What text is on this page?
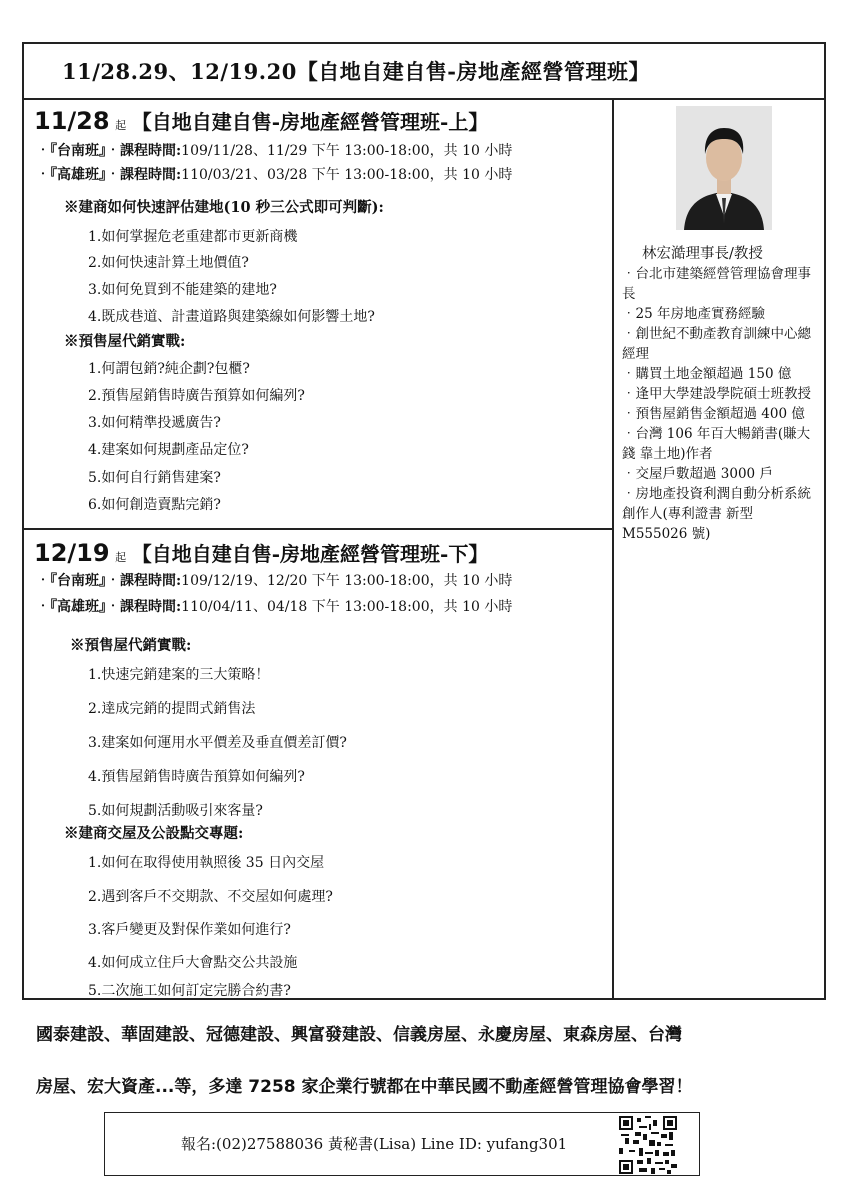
11/28.29、12/19.20【自地自建自售-房地產經營管理班】
11/28 起 【自地自建自售-房地產經營管理班-上】
‧『台南班』‧課程時間:109/11/28、11/29 下午 13:00-18:00，共 10 小時
‧『高雄班』‧課程時間:110/03/21、03/28 下午 13:00-18:00，共 10 小時
※建商如何快速評估建地(10 秒三公式即可判斷):
1.如何掌握危老重建都市更新商機
2.如何快速計算土地價值?
3.如何免買到不能建築的建地?
4.既成巷道、計畫道路與建築線如何影響土地?
※預售屋代銷實戰:
1.何謂包銷?純企劃?包櫃?
2.預售屋銷售時廣告預算如何編列?
3.如何精準投遞廣告?
4.建案如何規劃產品定位?
5.如何自行銷售建案?
6.如何創造賣點完銷?
12/19 起 【自地自建自售-房地產經營管理班-下】
‧『台南班』‧課程時間:109/12/19、12/20 下午 13:00-18:00，共 10 小時
‧『高雄班』‧課程時間:110/04/11、04/18 下午 13:00-18:00，共 10 小時
※預售屋代銷實戰:
1.快速完銷建案的三大策略！
2.達成完銷的提問式銷售法
3.建案如何運用水平價差及垂直價差訂價?
4.預售屋銷售時廣告預算如何編列?
5.如何規劃活動吸引來客量?
※建商交屋及公設點交專題:
1.如何在取得使用執照後 35 日內交屋
2.遇到客戶不交期款、不交屋如何處理?
3.客戶變更及對保作業如何進行?
4.如何成立住戶大會點交公共設施
5.二次施工如何訂定完勝合約書?
林宏澔理事長/教授
‧台北市建築經營管理協會理事長
‧25 年房地產實務經驗
‧創世紀不動產教育訓練中心總經理
‧購買土地金額超過 150 億
‧逢甲大學建設學院碩士班教授
‧預售屋銷售金額超過 400 億
‧台灣 106 年百大暢銷書(賺大錢 靠土地)作者
‧交屋戶數超過 3000 戶
‧房地產投資利潤自動分析系統創作人(專利證書 新型 M555026 號)
國泰建設、華固建設、冠德建設、興富發建設、信義房屋、永慶房屋、東森房屋、台灣
房屋、宏大資產...等，多達 7258 家企業行號都在中華民國不動產經營管理協會學習！
報名:(02)27588036 黃秘書(Lisa) Line ID: yufang301
